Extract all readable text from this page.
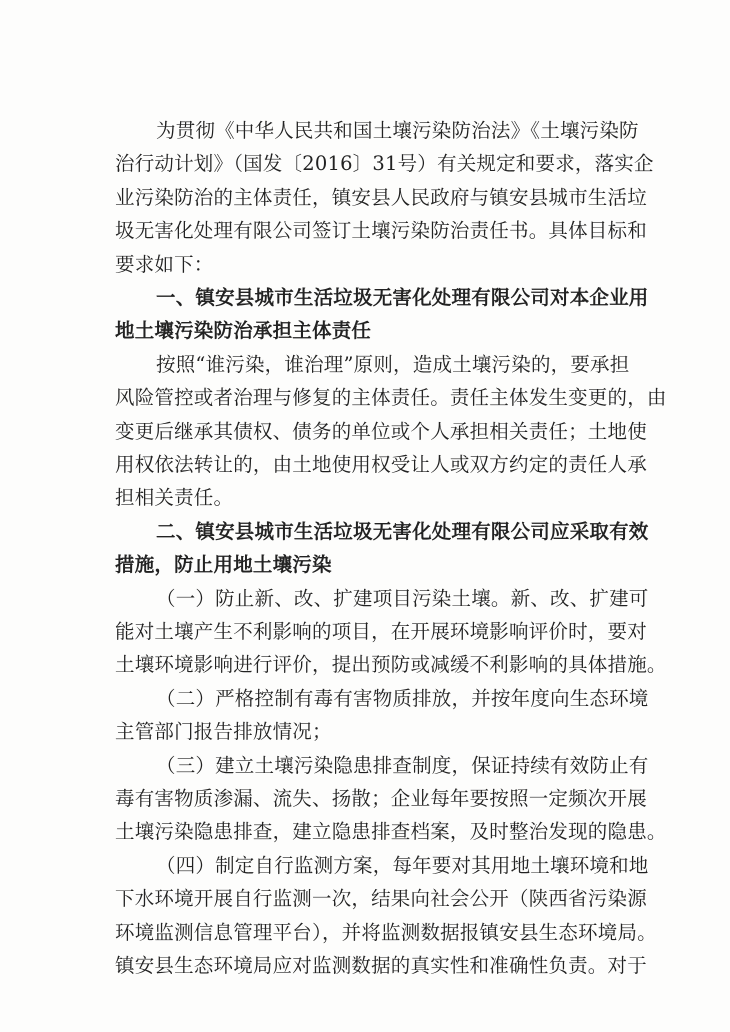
为贯彻《中华人民共和国土壤污染防治法》《土壤污染防
治行动计划》（国发〔2016〕31号）有关规定和要求，落实企
业污染防治的主体责任，镇安县人民政府与镇安县城市生活垃
圾无害化处理有限公司签订土壤污染防治责任书。具体目标和
要求如下：
一、镇安县城市生活垃圾无害化处理有限公司对本企业用
地土壤污染防治承担主体责任
按照“谁污染，谁治理”原则，造成土壤污染的，要承担
风险管控或者治理与修复的主体责任。责任主体发生变更的，由
变更后继承其债权、债务的单位或个人承担相关责任；土地使
用权依法转让的，由土地使用权受让人或双方约定的责任人承
担相关责任。
二、镇安县城市生活垃圾无害化处理有限公司应采取有效
措施，防止用地土壤污染
（一）防止新、改、扩建项目污染土壤。新、改、扩建可
能对土壤产生不利影响的项目，在开展环境影响评价时，要对
土壤环境影响进行评价，提出预防或减缓不利影响的具体措施。
（二）严格控制有毒有害物质排放，并按年度向生态环境
主管部门报告排放情况；
（三）建立土壤污染隐患排查制度，保证持续有效防止有
毒有害物质渗漏、流失、扬散；企业每年要按照一定频次开展
土壤污染隐患排查，建立隐患排查档案，及时整治发现的隐患。
（四）制定自行监测方案，每年要对其用地土壤环境和地
下水环境开展自行监测一次，结果向社会公开（陕西省污染源
环境监测信息管理平台），并将监测数据报镇安县生态环境局。
镇安县生态环境局应对监测数据的真实性和准确性负责。对于
